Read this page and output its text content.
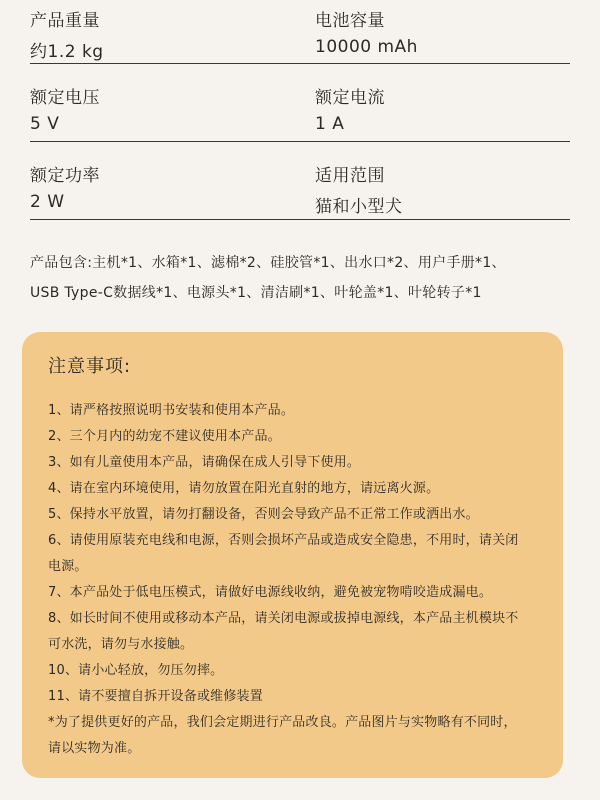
产品重量
约1.2 kg
电池容量
10000 mAh
额定电压
5 V
额定电流
1 A
额定功率
2 W
适用范围
猫和小型犬
产品包含:主机*1、水箱*1、滤棉*2、硅胶管*1、出水口*2、用户手册*1、
USB Type-C数据线*1、电源头*1、清洁刷*1、叶轮盖*1、叶轮转子*1
注意事项:
1、请严格按照说明书安装和使用本产品。
2、三个月内的幼宠不建议使用本产品。
3、如有儿童使用本产品，请确保在成人引导下使用。
4、请在室内环境使用，请勿放置在阳光直射的地方，请远离火源。
5、保持水平放置，请勿打翻设备，否则会导致产品不正常工作或洒出水。
6、请使用原装充电线和电源，否则会损坏产品或造成安全隐患，不用时，请关闭
电源。
7、本产品处于低电压模式，请做好电源线收纳，避免被宠物啃咬造成漏电。
8、如长时间不使用或移动本产品，请关闭电源或拔掉电源线，本产品主机模块不
可水洗，请勿与水接触。
10、请小心轻放，勿压勿摔。
11、请不要擅自拆开设备或维修装置
*为了提供更好的产品，我们会定期进行产品改良。产品图片与实物略有不同时，
请以实物为准。
